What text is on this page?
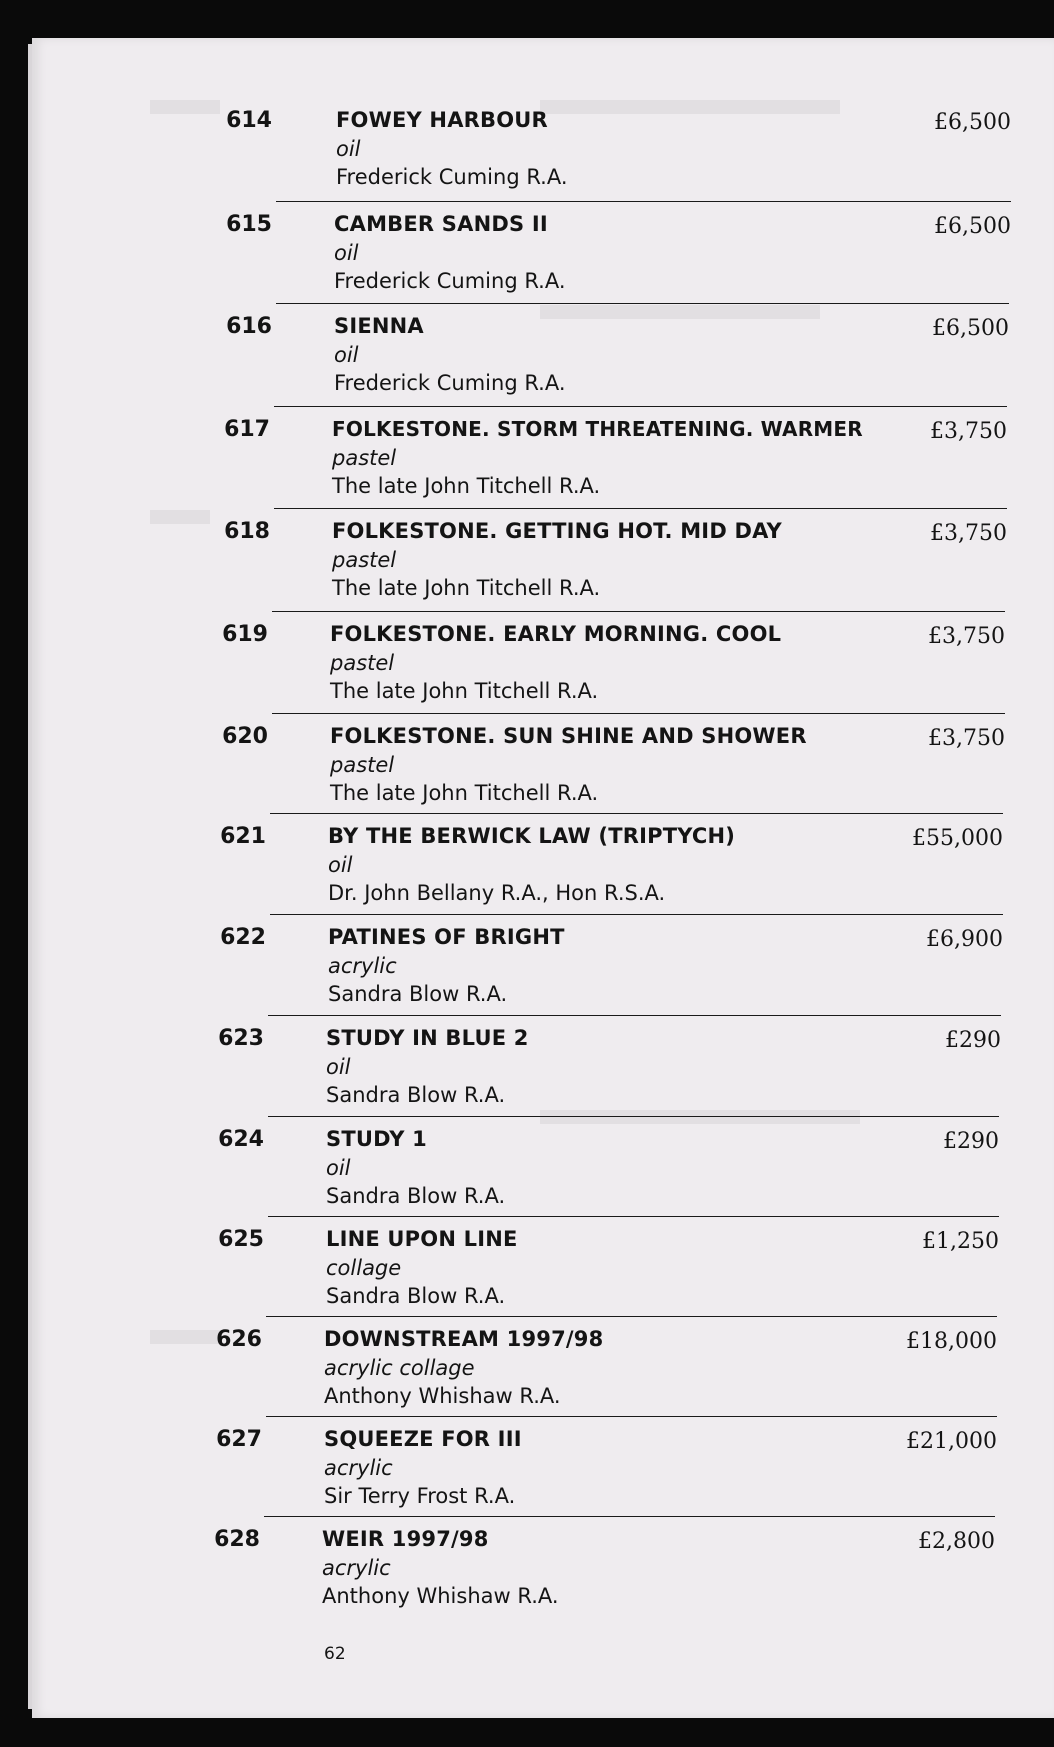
614	FOWEY HARBOUR
oil
Frederick Cuming R.A.
£6,500
615	CAMBER SANDS II
oil
Frederick Cuming R.A.
£6,500
616	SIENNA
oil
Frederick Cuming R.A.
£6,500
617	FOLKESTONE. STORM THREATENING. WARMER
pastel
The late John Titchell R.A.
£3,750
618	FOLKESTONE. GETTING HOT. MID DAY
pastel
The late John Titchell R.A.
£3,750
619	FOLKESTONE. EARLY MORNING. COOL
pastel
The late John Titchell R.A.
£3,750
620	FOLKESTONE. SUN SHINE AND SHOWER
pastel
The late John Titchell R.A.
£3,750
621	BY THE BERWICK LAW (TRIPTYCH)
oil
Dr. John Bellany R.A., Hon R.S.A.
£55,000
622	PATINES OF BRIGHT
acrylic
Sandra Blow R.A.
£6,900
623	STUDY IN BLUE 2
oil
Sandra Blow R.A.
£290
624	STUDY 1
oil
Sandra Blow R.A.
£290
625	LINE UPON LINE
collage
Sandra Blow R.A.
£1,250
626	DOWNSTREAM 1997/98
acrylic collage
Anthony Whishaw R.A.
£18,000
627	SQUEEZE FOR III
acrylic
Sir Terry Frost R.A.
£21,000
628	WEIR 1997/98
acrylic
Anthony Whishaw R.A.
£2,800
62
